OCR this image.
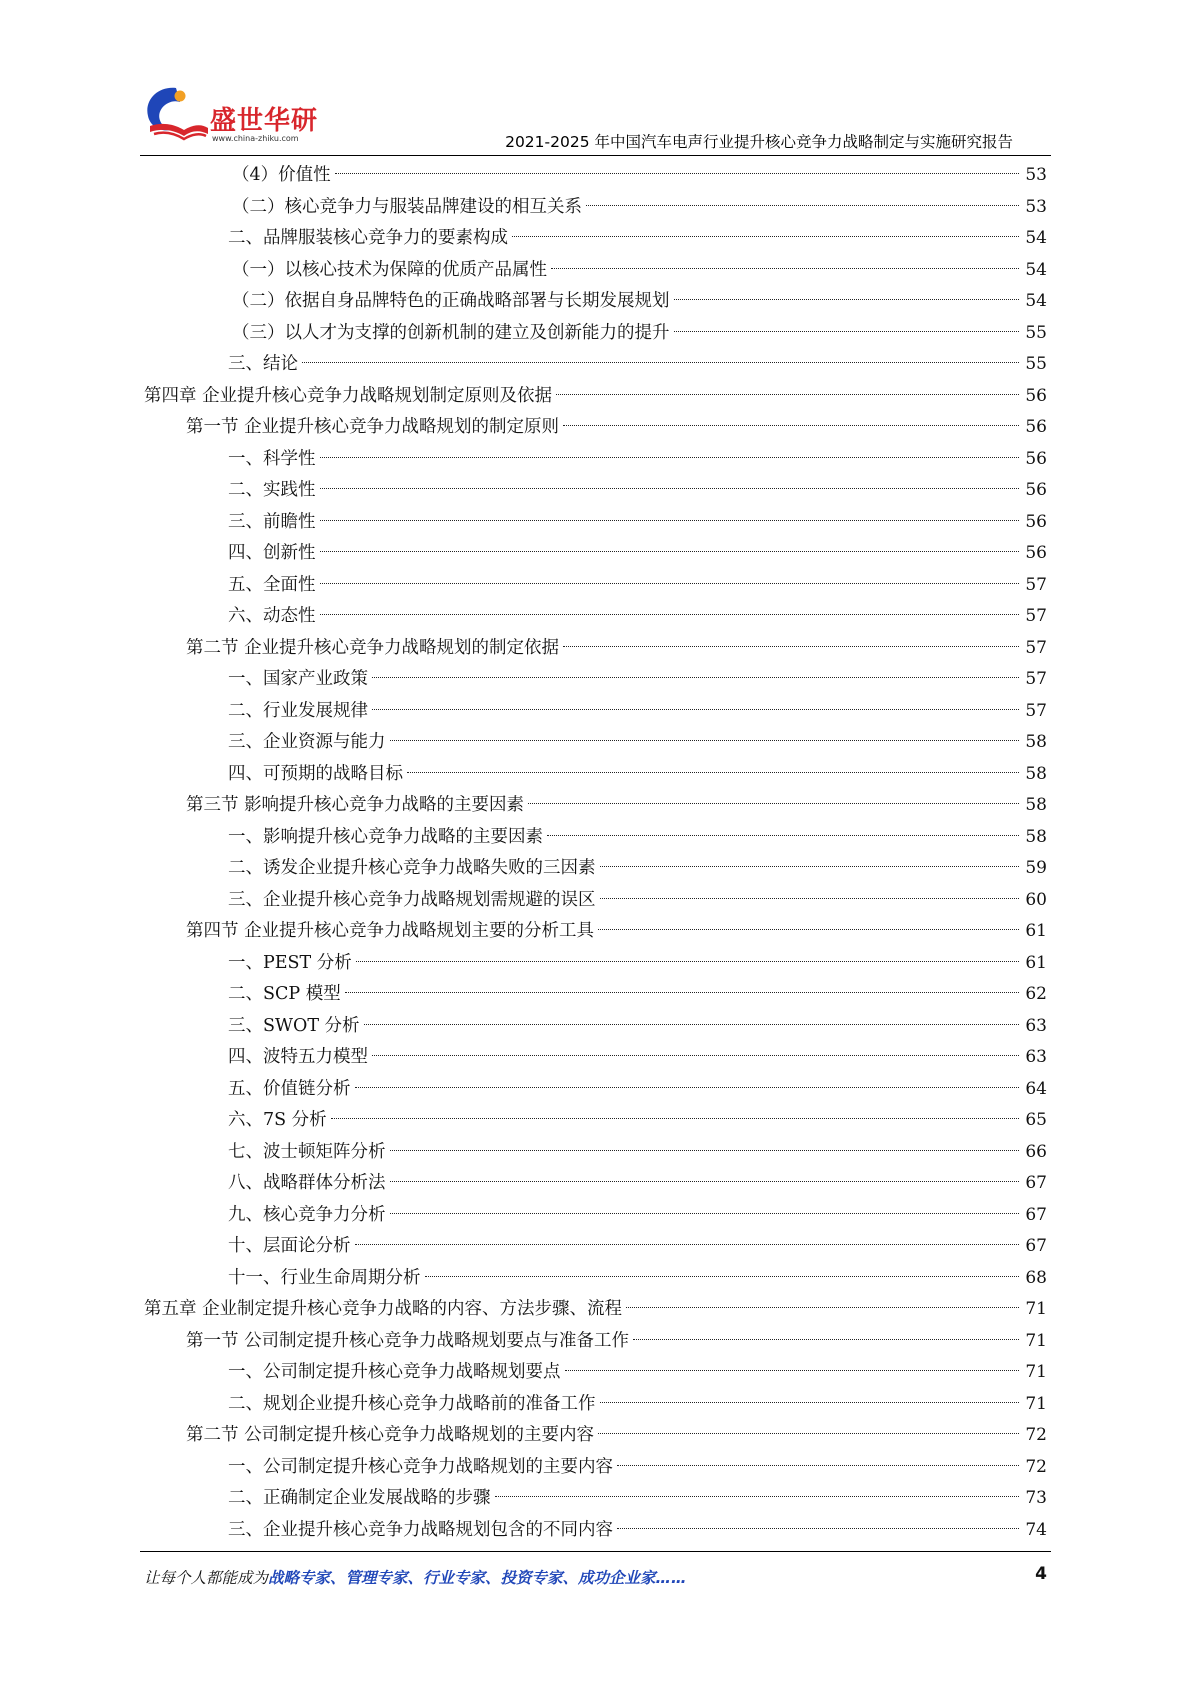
盛世华研
www.china-zhiku.com	2021-2025 年中国汽车电声行业提升核心竞争力战略制定与实施研究报告
（4）价值性	53
（二）核心竞争力与服装品牌建设的相互关系	53
二、品牌服装核心竞争力的要素构成	54
（一）以核心技术为保障的优质产品属性	54
（二）依据自身品牌特色的正确战略部署与长期发展规划	54
（三）以人才为支撑的创新机制的建立及创新能力的提升	55
三、结论	55
第四章 企业提升核心竞争力战略规划制定原则及依据	56
第一节 企业提升核心竞争力战略规划的制定原则	56
一、科学性	56
二、实践性	56
三、前瞻性	56
四、创新性	56
五、全面性	57
六、动态性	57
第二节 企业提升核心竞争力战略规划的制定依据	57
一、国家产业政策	57
二、行业发展规律	57
三、企业资源与能力	58
四、可预期的战略目标	58
第三节 影响提升核心竞争力战略的主要因素	58
一、影响提升核心竞争力战略的主要因素	58
二、诱发企业提升核心竞争力战略失败的三因素	59
三、企业提升核心竞争力战略规划需规避的误区	60
第四节 企业提升核心竞争力战略规划主要的分析工具	61
一、PEST 分析	61
二、SCP 模型	62
三、SWOT 分析	63
四、波特五力模型	63
五、价值链分析	64
六、7S 分析	65
七、波士顿矩阵分析	66
八、战略群体分析法	67
九、核心竞争力分析	67
十、层面论分析	67
十一、行业生命周期分析	68
第五章 企业制定提升核心竞争力战略的内容、方法步骤、流程	71
第一节 公司制定提升核心竞争力战略规划要点与准备工作	71
一、公司制定提升核心竞争力战略规划要点	71
二、规划企业提升核心竞争力战略前的准备工作	71
第二节 公司制定提升核心竞争力战略规划的主要内容	72
一、公司制定提升核心竞争力战略规划的主要内容	72
二、正确制定企业发展战略的步骤	73
三、企业提升核心竞争力战略规划包含的不同内容	74
让每个人都能成为战略专家、管理专家、行业专家、投资专家、成功企业家……	4
